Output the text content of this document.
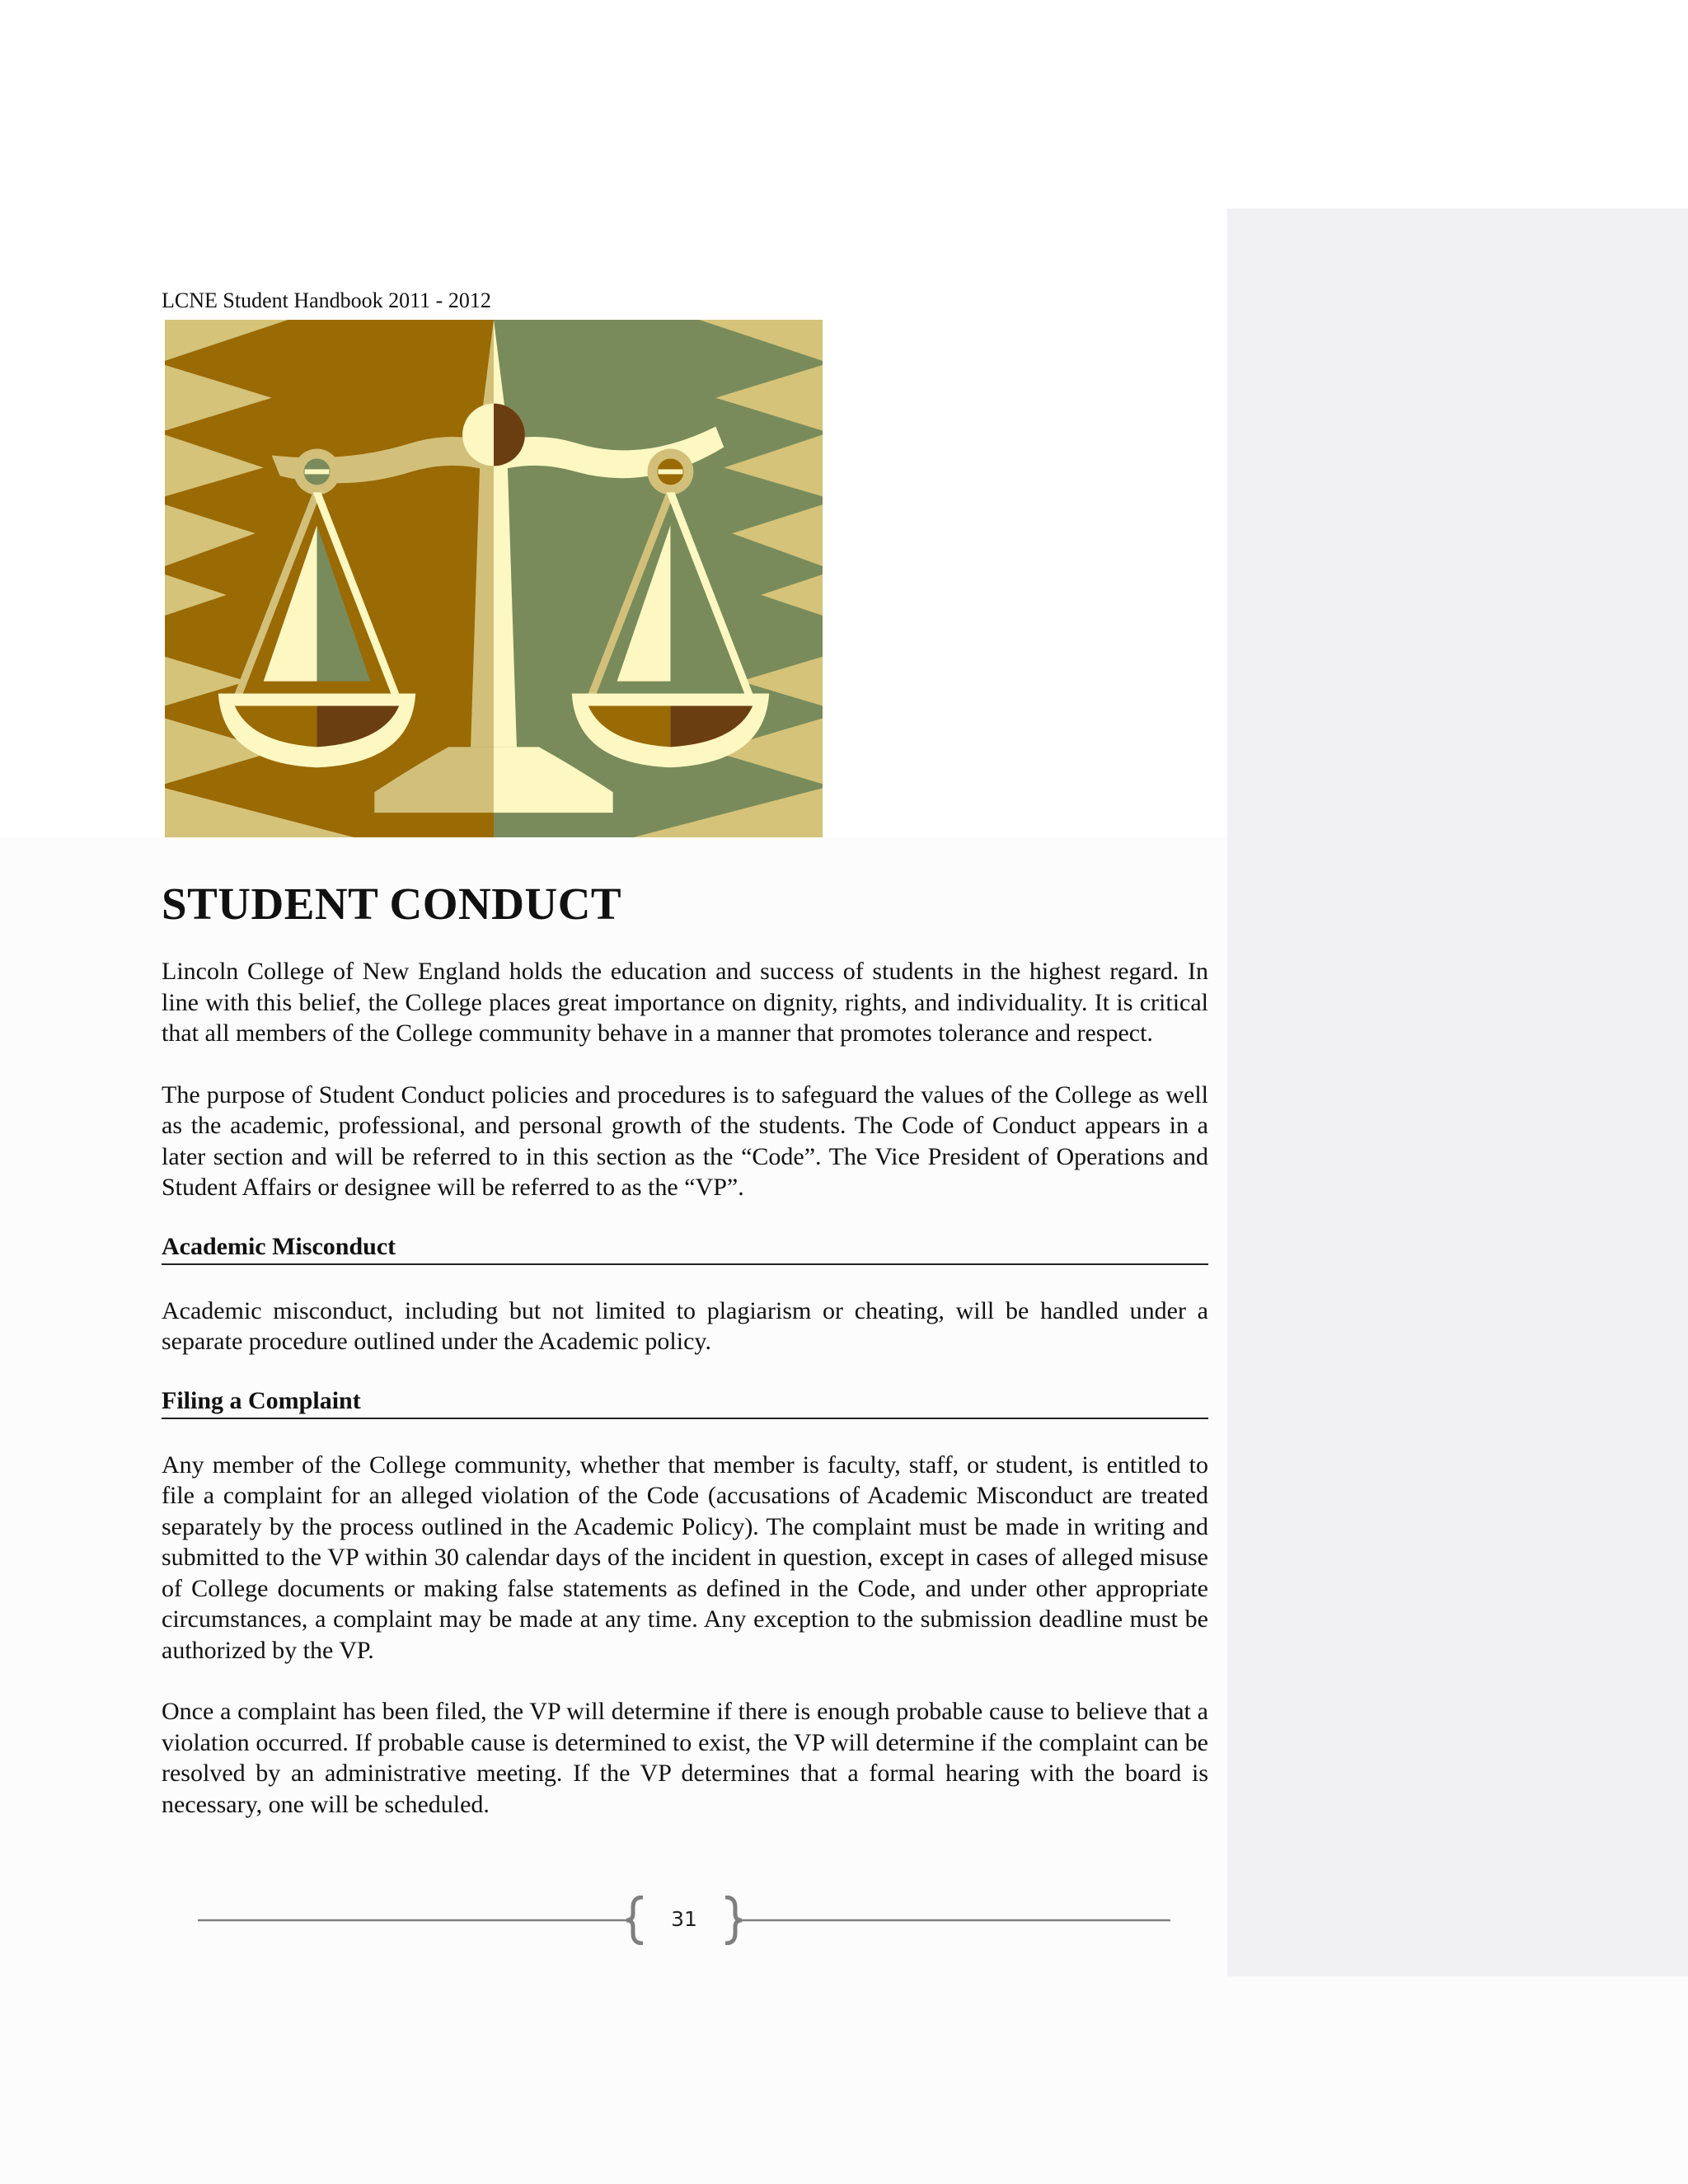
LCNE Student Handbook 2011 - 2012
STUDENT CONDUCT

Lincoln College of New England holds the education and success of students in the highest regard. In line with this belief, the College places great importance on dignity, rights, and individuality. It is critical that all members of the College community behave in a manner that promotes tolerance and respect.

The purpose of Student Conduct policies and procedures is to safeguard the values of the College as well as the academic, professional, and personal growth of the students. The Code of Conduct appears in a later section and will be referred to in this section as the “Code”. The Vice President of Operations and Student Affairs or designee will be referred to as the “VP”.

Academic Misconduct

Academic misconduct, including but not limited to plagiarism or cheating, will be handled under a separate procedure outlined under the Academic policy.

Filing a Complaint

Any member of the College community, whether that member is faculty, staff, or student, is entitled to file a complaint for an alleged violation of the Code (accusations of Academic Misconduct are treated separately by the process outlined in the Academic Policy). The complaint must be made in writing and submitted to the VP within 30 calendar days of the incident in question, except in cases of alleged misuse of College documents or making false statements as defined in the Code, and under other appropriate circumstances, a complaint may be made at any time. Any exception to the submission deadline must be authorized by the VP.

Once a complaint has been filed, the VP will determine if there is enough probable cause to believe that a violation occurred. If probable cause is determined to exist, the VP will determine if the complaint can be resolved by an administrative meeting. If the VP determines that a formal hearing with the board is necessary, one will be scheduled.

31
